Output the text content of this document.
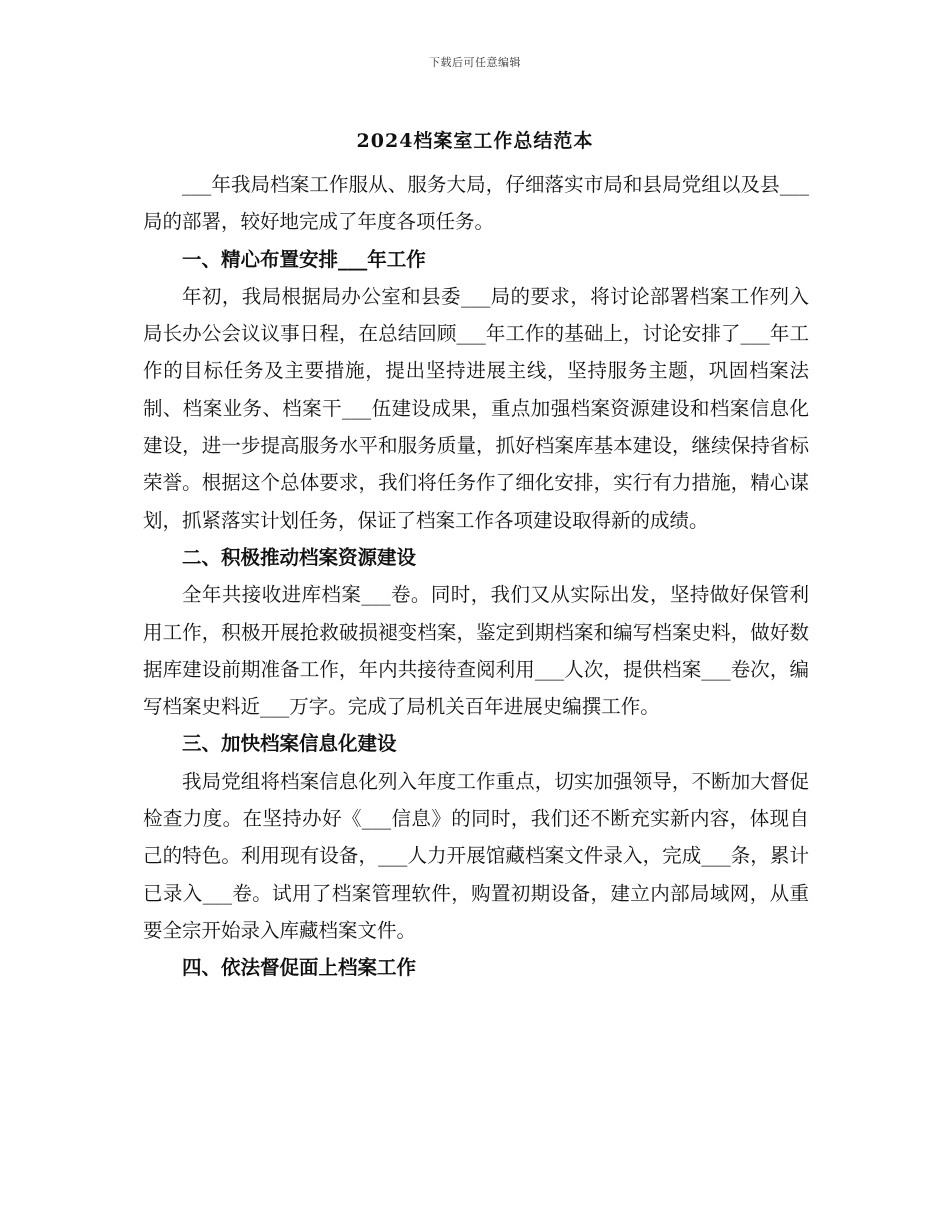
下载后可任意编辑
2024档案室工作总结范本

___年我局档案工作服从、服务大局，仔细落实市局和县局党组以及县___局的部署，较好地完成了年度各项任务。

一、精心布置安排___年工作

年初，我局根据局办公室和县委___局的要求，将讨论部署档案工作列入局长办公会议议事日程，在总结回顾___年工作的基础上，讨论安排了___年工作的目标任务及主要措施，提出坚持进展主线，坚持服务主题，巩固档案法制、档案业务、档案干___伍建设成果，重点加强档案资源建设和档案信息化建设，进一步提高服务水平和服务质量，抓好档案库基本建设，继续保持省标荣誉。根据这个总体要求，我们将任务作了细化安排，实行有力措施，精心谋划，抓紧落实计划任务，保证了档案工作各项建设取得新的成绩。

二、积极推动档案资源建设

全年共接收进库档案___卷。同时，我们又从实际出发，坚持做好保管利用工作，积极开展抢救破损褪变档案，鉴定到期档案和编写档案史料，做好数据库建设前期准备工作，年内共接待查阅利用___人次，提供档案___卷次，编写档案史料近___万字。完成了局机关百年进展史编撰工作。

三、加快档案信息化建设

我局党组将档案信息化列入年度工作重点，切实加强领导，不断加大督促检查力度。在坚持办好《___信息》的同时，我们还不断充实新内容，体现自己的特色。利用现有设备，___人力开展馆藏档案文件录入，完成___条，累计已录入___卷。试用了档案管理软件，购置初期设备，建立内部局域网，从重要全宗开始录入库藏档案文件。

四、依法督促面上档案工作
